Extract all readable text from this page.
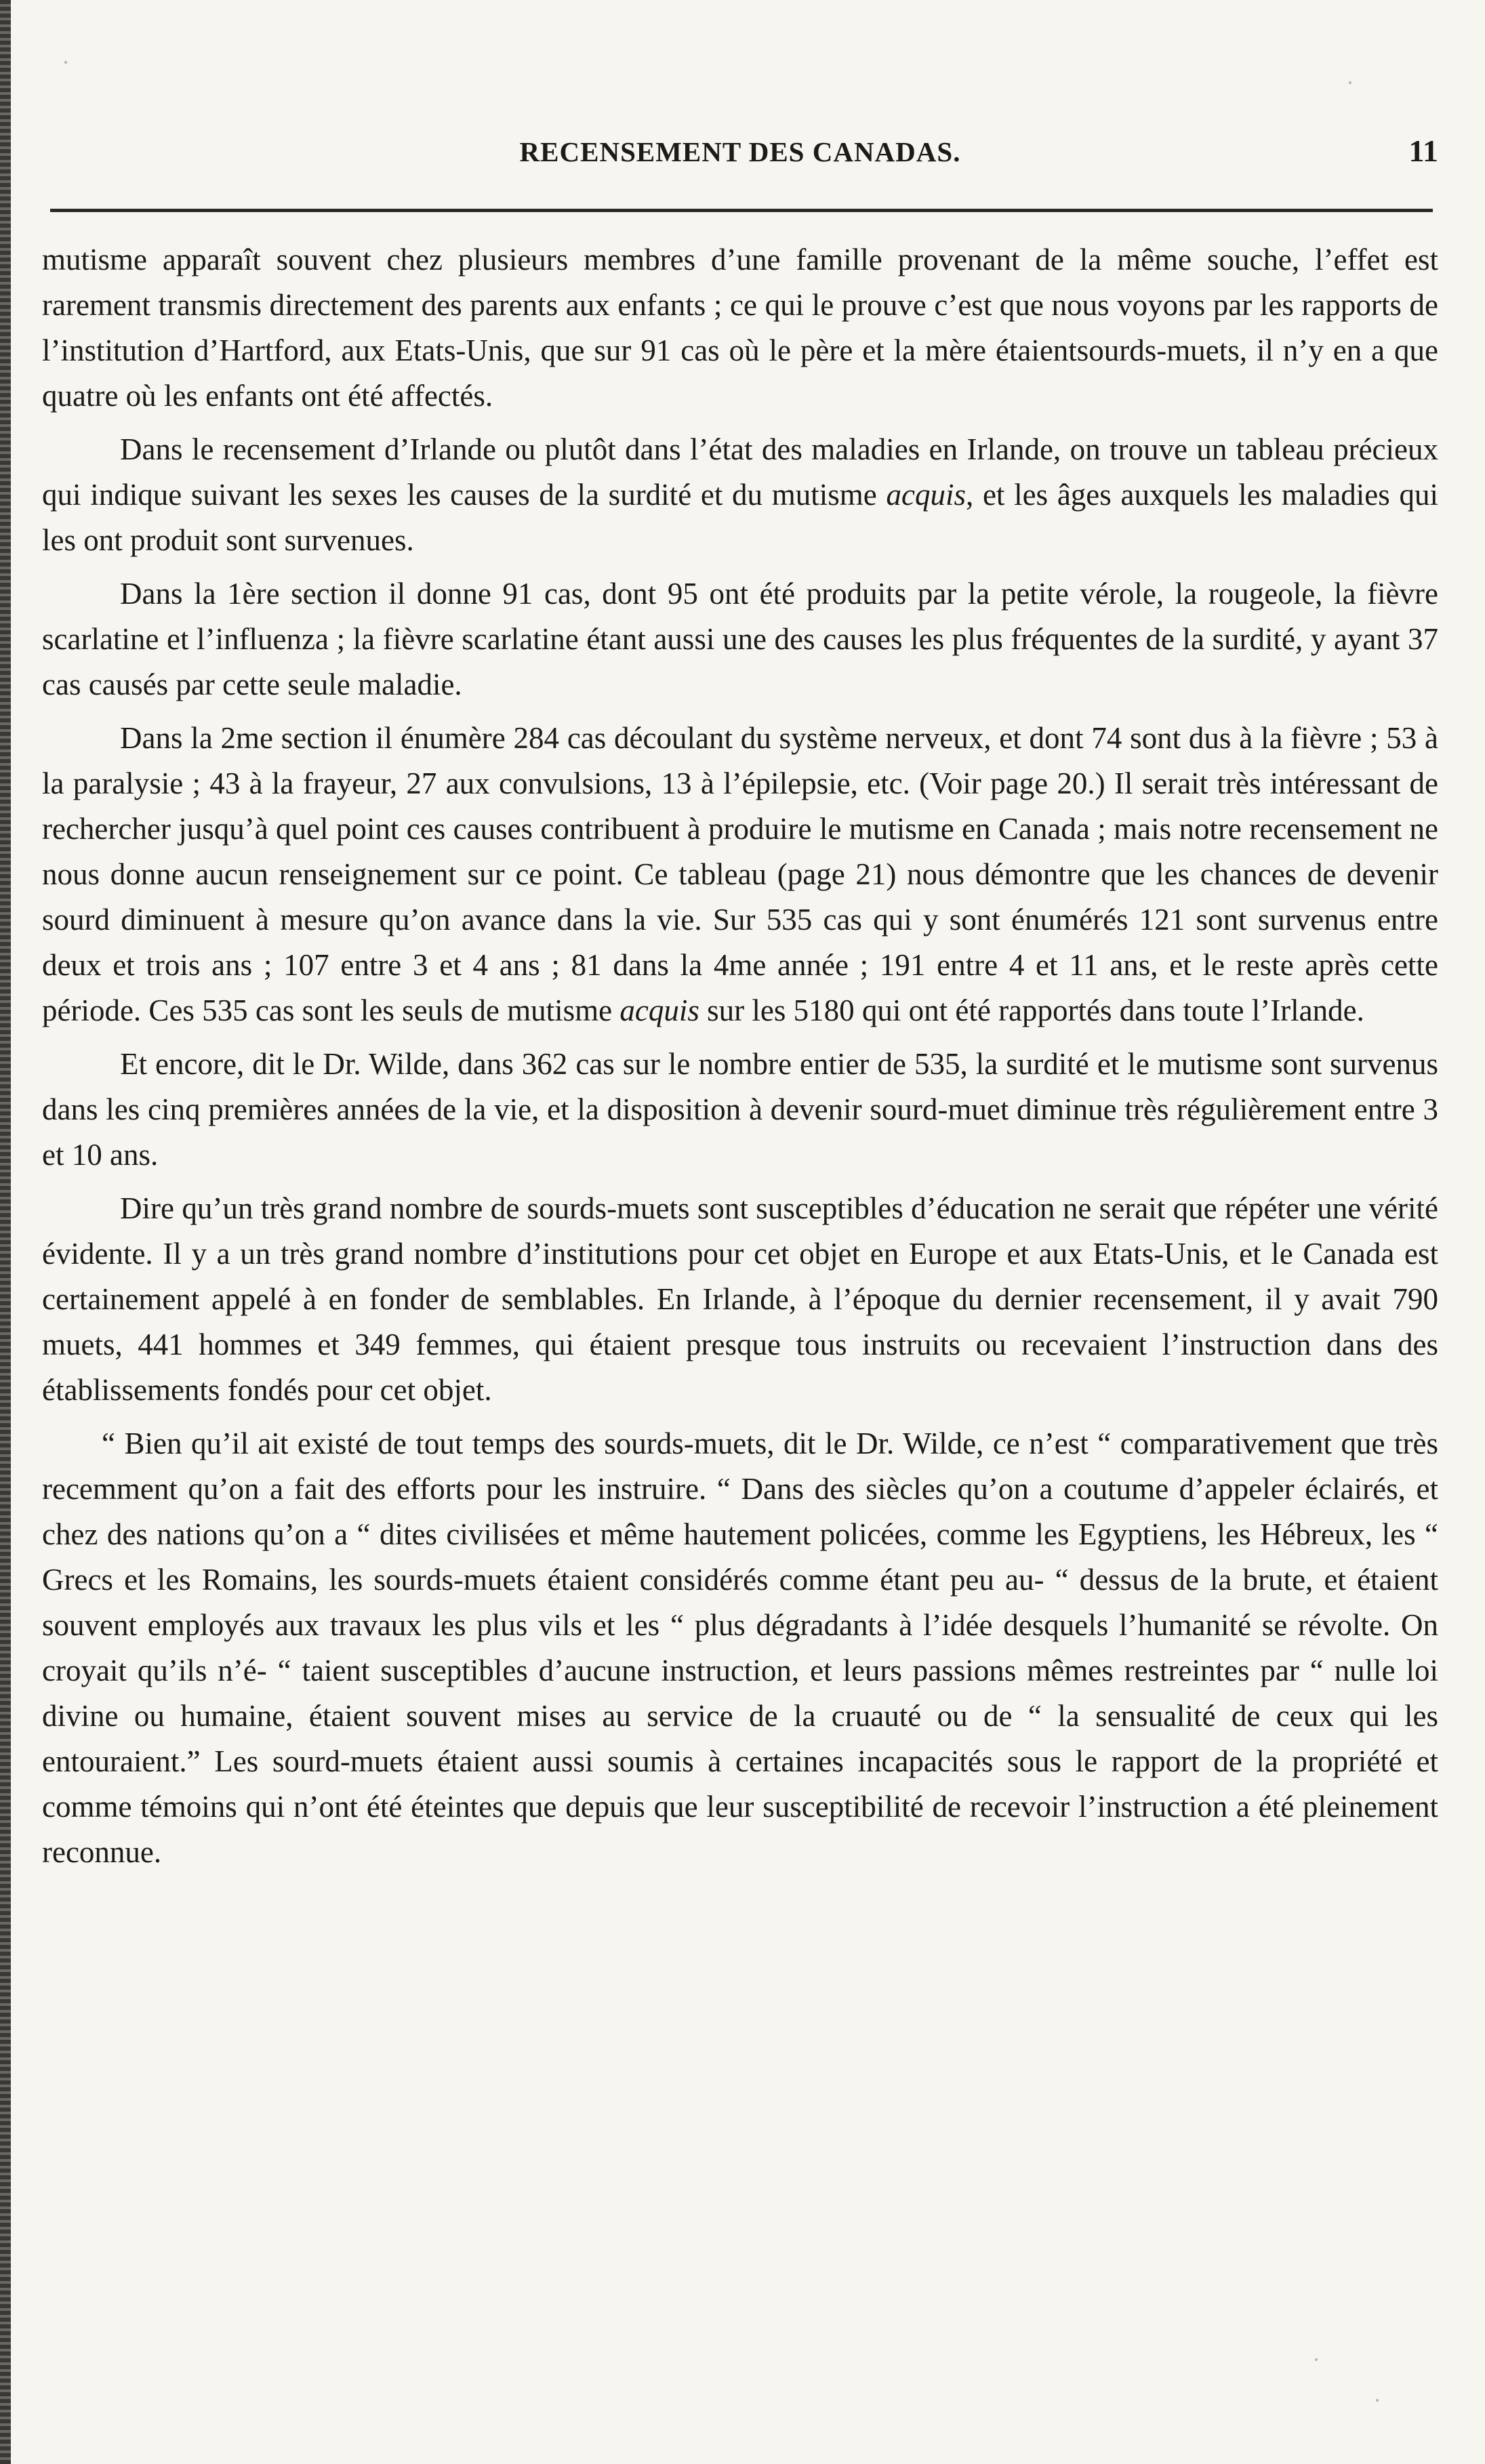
RECENSEMENT DES CANADAS.	11

mutisme apparaît souvent chez plusieurs membres d’une famille provenant de la même souche, l’effet est rarement transmis directement des parents aux enfants ; ce qui le prouve c’est que nous voyons par les rapports de l’institution d’Hartford, aux Etats-Unis, que sur 91 cas où le père et la mère étaientsourds-muets, il n’y en a que quatre où les enfants ont été affectés.

Dans le recensement d’Irlande ou plutôt dans l’état des maladies en Irlande, on trouve un tableau précieux qui indique suivant les sexes les causes de la surdité et du mutisme acquis, et les âges auxquels les maladies qui les ont produit sont survenues.

Dans la 1ère section il donne 91 cas, dont 95 ont été produits par la petite vérole, la rougeole, la fièvre scarlatine et l’influenza ; la fièvre scarlatine étant aussi une des causes les plus fréquentes de la surdité, y ayant 37 cas causés par cette seule maladie.

Dans la 2me section il énumère 284 cas découlant du système nerveux, et dont 74 sont dus à la fièvre ; 53 à la paralysie ; 43 à la frayeur, 27 aux convulsions, 13 à l’épilepsie, etc. (Voir page 20.) Il serait très intéressant de rechercher jusqu’à quel point ces causes contribuent à produire le mutisme en Canada ; mais notre recensement ne nous donne aucun renseignement sur ce point. Ce tableau (page 21) nous démontre que les chances de devenir sourd diminuent à mesure qu’on avance dans la vie. Sur 535 cas qui y sont énumérés 121 sont survenus entre deux et trois ans ; 107 entre 3 et 4 ans ; 81 dans la 4me année ; 191 entre 4 et 11 ans, et le reste après cette période. Ces 535 cas sont les seuls de mutisme acquis sur les 5180 qui ont été rapportés dans toute l’Irlande.

Et encore, dit le Dr. Wilde, dans 362 cas sur le nombre entier de 535, la surdité et le mutisme sont survenus dans les cinq premières années de la vie, et la disposition à devenir sourd-muet diminue très régulièrement entre 3 et 10 ans.

Dire qu’un très grand nombre de sourds-muets sont susceptibles d’éducation ne serait que répéter une vérité évidente. Il y a un très grand nombre d’institutions pour cet objet en Europe et aux Etats-Unis, et le Canada est certainement appelé à en fonder de semblables. En Irlande, à l’époque du dernier recensement, il y avait 790 muets, 441 hommes et 349 femmes, qui étaient presque tous instruits ou recevaient l’instruction dans des établissements fondés pour cet objet.

“ Bien qu’il ait existé de tout temps des sourds-muets, dit le Dr. Wilde, ce n’est “ comparativement que très recemment qu’on a fait des efforts pour les instruire. “ Dans des siècles qu’on a coutume d’appeler éclairés, et chez des nations qu’on a “ dites civilisées et même hautement policées, comme les Egyptiens, les Hébreux, les “ Grecs et les Romains, les sourds-muets étaient considérés comme étant peu au- “ dessus de la brute, et étaient souvent employés aux travaux les plus vils et les “ plus dégradants à l’idée desquels l’humanité se révolte. On croyait qu’ils n’é- “ taient susceptibles d’aucune instruction, et leurs passions mêmes restreintes par “ nulle loi divine ou humaine, étaient souvent mises au service de la cruauté ou de “ la sensualité de ceux qui les entouraient.” Les sourd-muets étaient aussi soumis à certaines incapacités sous le rapport de la propriété et comme témoins qui n’ont été éteintes que depuis que leur susceptibilité de recevoir l’instruction a été pleinement reconnue.
